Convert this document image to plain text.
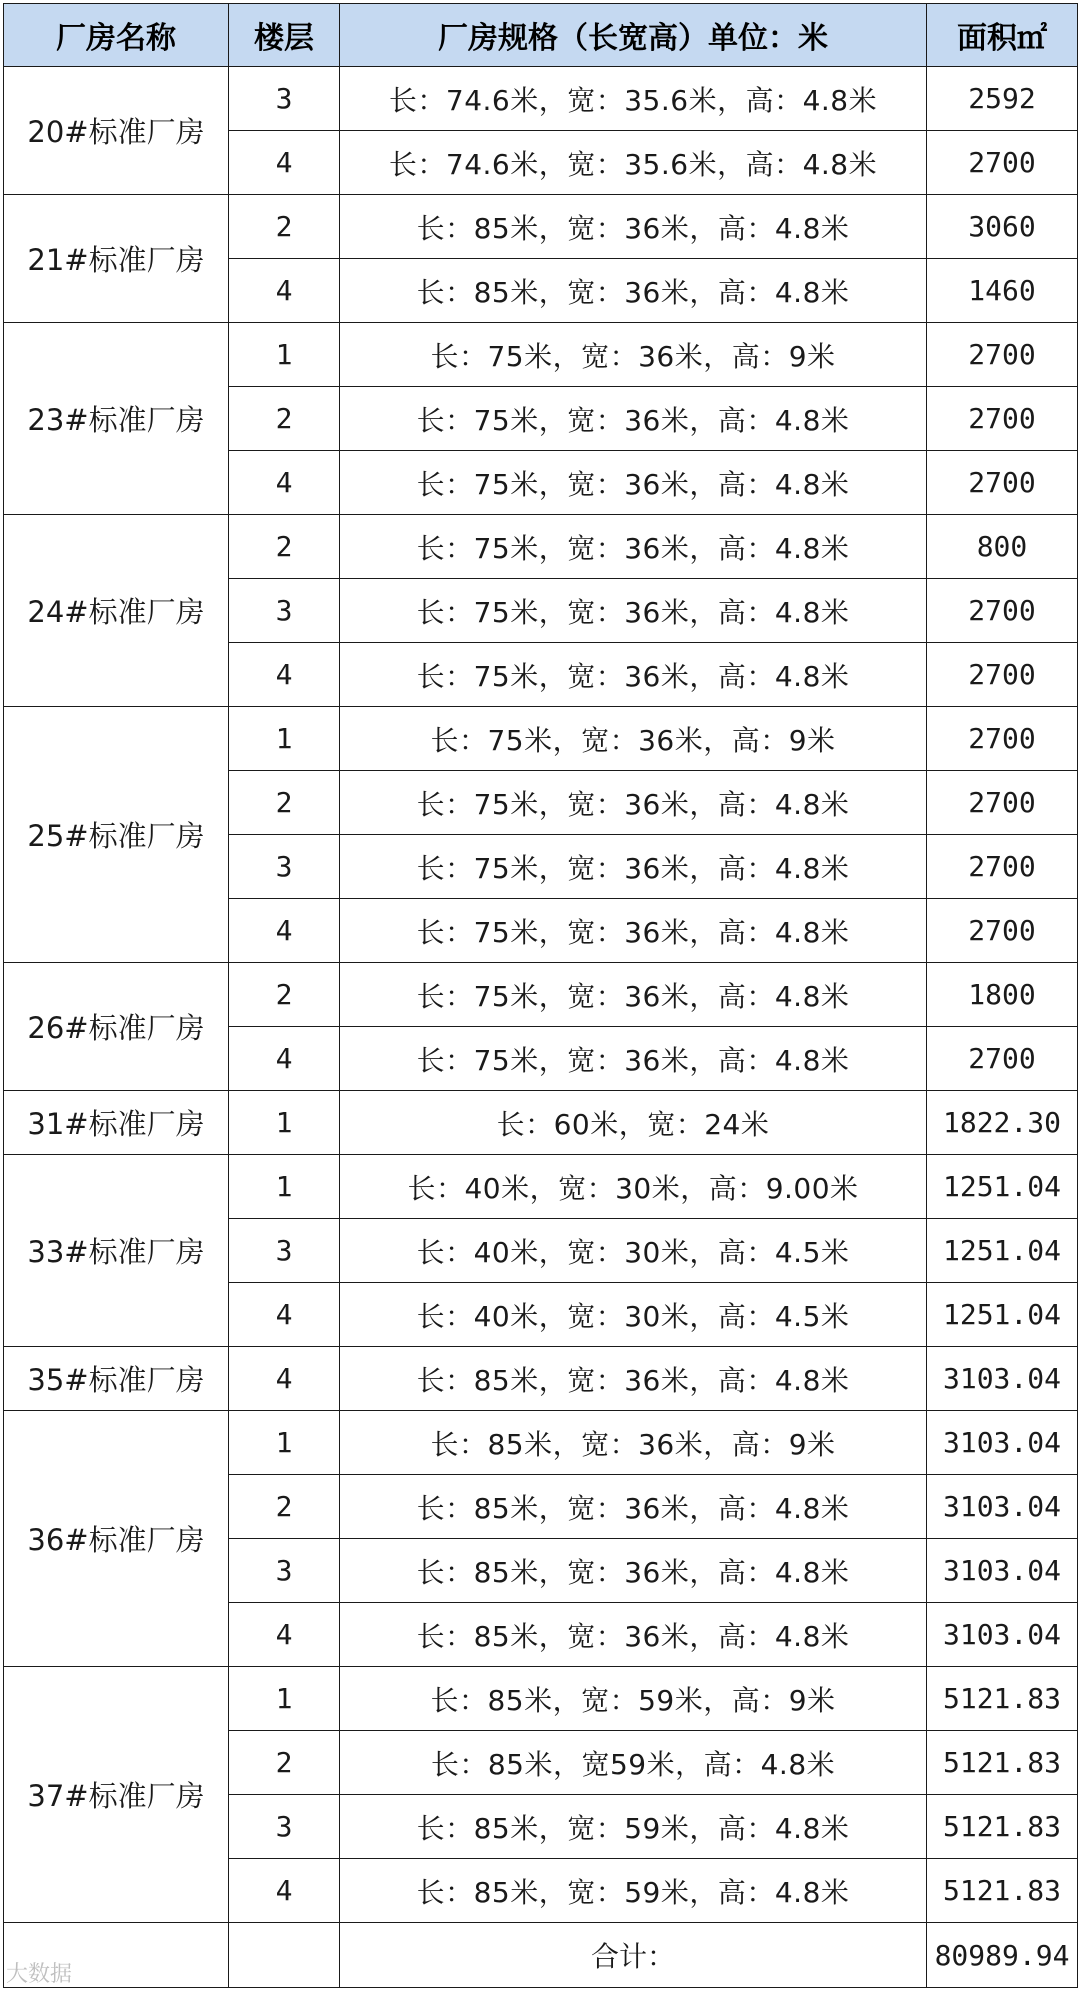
厂房名称	楼层	厂房规格（长宽高）单位：米	面积㎡
20#标准厂房	3	长：74.6米，宽：35.6米，高：4.8米	2592
	4	长：74.6米，宽：35.6米，高：4.8米	2700
21#标准厂房	2	长：85米，宽：36米，高：4.8米	3060
	4	长：85米，宽：36米，高：4.8米	1460
23#标准厂房	1	长：75米，宽：36米，高：9米	2700
	2	长：75米，宽：36米，高：4.8米	2700
	4	长：75米，宽：36米，高：4.8米	2700
24#标准厂房	2	长：75米，宽：36米，高：4.8米	800
	3	长：75米，宽：36米，高：4.8米	2700
	4	长：75米，宽：36米，高：4.8米	2700
25#标准厂房	1	长：75米，宽：36米，高：9米	2700
	2	长：75米，宽：36米，高：4.8米	2700
	3	长：75米，宽：36米，高：4.8米	2700
	4	长：75米，宽：36米，高：4.8米	2700
26#标准厂房	2	长：75米，宽：36米，高：4.8米	1800
	4	长：75米，宽：36米，高：4.8米	2700
31#标准厂房	1	长：60米，宽：24米	1822.30
33#标准厂房	1	长：40米，宽：30米，高：9.00米	1251.04
	3	长：40米，宽：30米，高：4.5米	1251.04
	4	长：40米，宽：30米，高：4.5米	1251.04
35#标准厂房	4	长：85米，宽：36米，高：4.8米	3103.04
36#标准厂房	1	长：85米，宽：36米，高：9米	3103.04
	2	长：85米，宽：36米，高：4.8米	3103.04
	3	长：85米，宽：36米，高：4.8米	3103.04
	4	长：85米，宽：36米，高：4.8米	3103.04
37#标准厂房	1	长：85米，宽：59米，高：9米	5121.83
	2	长：85米，宽59米，高：4.8米	5121.83
	3	长：85米，宽：59米，高：4.8米	5121.83
	4	长：85米，宽：59米，高：4.8米	5121.83
		合计：	80989.94
大数据
